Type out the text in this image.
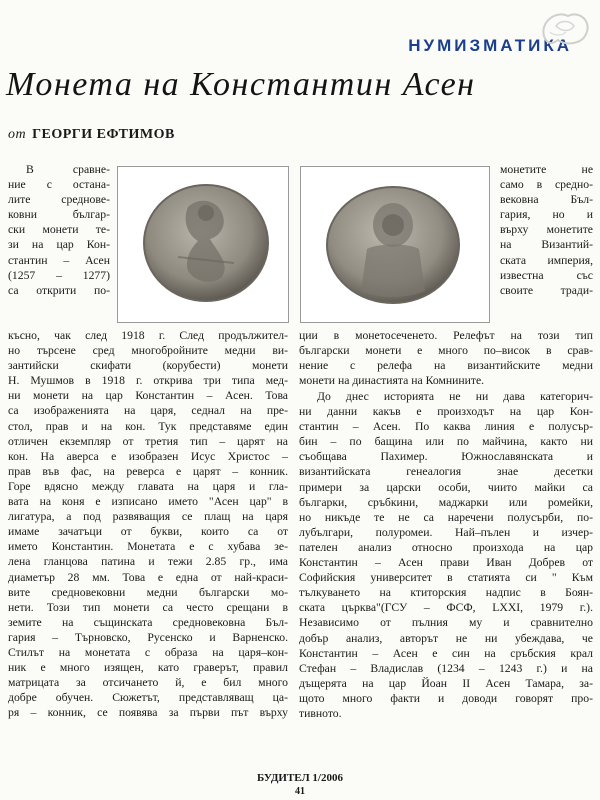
НУМИЗМАТИКА
Монета на Константин Асен
от ГЕОРГИ ЕФТИМОВ
В сравне-
ние с остана-
лите средновe-
ковни българ-
ски монети те-
зи на цар Кон-
стантин – Асен
(1257 – 1277)
са открити по-
късно, чак след 1918 г. След продължител-
но търсене сред многобройните медни ви-
зантийски скифати (корубести) монети
Н. Мушмов в 1918 г. открива три типа мед-
ни монети на цар Константин – Асен. Това
са изображенията на царя, седнал на пре-
стол, прав и на кон. Тук представяме един
отличен екземпляр от третия тип – царят на
кон. На аверса е изобразен Исус Христос –
прав във фас, на реверса е царят – конник.
Горе вдясно между главата на царя и гла-
вата на коня е изписано името "Асен цар" в
лигатура, а под развяващия се плащ на царя
имаме зачатъци от букви, които са от
името Константин. Монетата е с хубава зе-
лена гланцова патина и тежи 2.85 гр., има
диаметър 28 мм. Това е една от най-краси-
вите средновековни медни български мо-
нети. Този тип монети са често срещани в
земите на същинската средновековна Бъл-
гария – Търновско, Русенско и Варненско.
Стилът на монетата с образа на царя–кон-
ник е много изящен, като граверът, правил
матрицата за отсичането й, е бил много
добре обучен. Сюжетът, представляващ ца-
ря – конник, се появява за първи път върху
монетите не
само в средно-
вековна Бъл-
гария, но и
върху монетите
на Византий-
ската империя,
известна със
своите тради-
ции в монетосеченето. Релефът на този тип
български монети е много по–висок в срав-
нение с релефа на византийските медни
монети на династията на Комнините.
До днес историята не ни дава категорич-
ни данни какъв е произходът на цар Кон-
стантин – Асен. По каква линия е полусър-
бин – по бащина или по майчина, както ни
съобщава Пахимер. Южнославянската и
византийската генеалогия знае десетки
примери за царски особи, чиито майки са
българки, сръбкини, маджарки или ромейки,
но никъде те не са наречени полусърби, по-
лубългари, полуромеи. Най–пълен и изчер-
пателен анализ относно произхода на цар
Константин – Асен прави Иван Добрев от
Софийския университет в статията си " Към
тълкуването на ктиторския надпис в Боян-
ската църква"(ГСУ – ФСФ, LXXI, 1979 г.).
Независимо от пълния му и сравнително
добър анализ, авторът не ни убеждава, че
Константин – Асен е син на сръбския крал
Стефан – Владислав (1234 – 1243 г.) и на
дъщерята на цар Йоан II Асен Тамара, за-
щото много факти и доводи говорят про-
тивното.
БУДИТЕЛ 1/2006
41
